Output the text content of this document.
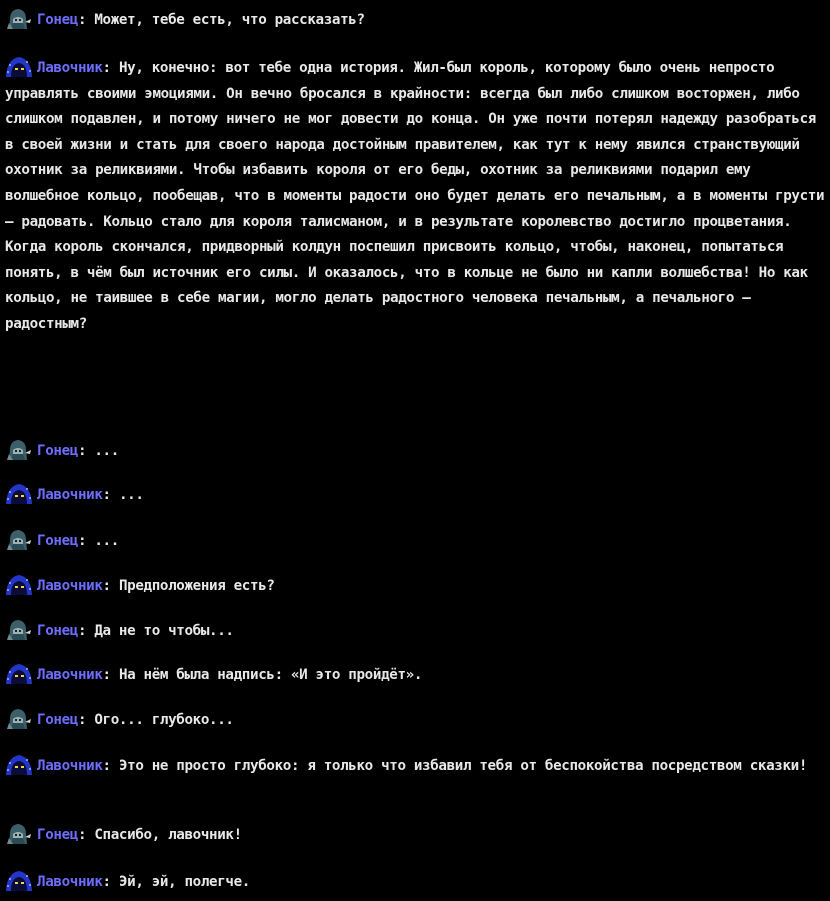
Гонец: Может, тебе есть, что рассказать?
Лавочник: Ну, конечно: вот тебе одна история. Жил-был король, которому было очень непросто управлять своими эмоциями. Он вечно бросался в крайности: всегда был либо слишком восторжен, либо слишком подавлен, и потому ничего не мог довести до конца. Он уже почти потерял надежду разобраться в своей жизни и стать для своего народа достойным правителем, как тут к нему явился странствующий охотник за реликвиями. Чтобы избавить короля от его беды, охотник за реликвиями подарил ему волшебное кольцо, пообещав, что в моменты радости оно будет делать его печальным, а в моменты грусти — радовать. Кольцо стало для короля талисманом, и в результате королевство достигло процветания. Когда король скончался, придворный колдун поспешил присвоить кольцо, чтобы, наконец, попытаться понять, в чём был источник его силы. И оказалось, что в кольце не было ни капли волшебства! Но как кольцо, не таившее в себе магии, могло делать радостного человека печальным, а печального — радостным?
Гонец: ...
Лавочник: ...
Гонец: ...
Лавочник: Предположения есть?
Гонец: Да не то чтобы...
Лавочник: На нём была надпись: «И это пройдёт».
Гонец: Ого... глубоко...
Лавочник: Это не просто глубоко: я только что избавил тебя от беспокойства посредством сказки!
Гонец: Спасибо, лавочник!
Лавочник: Эй, эй, полегче.
